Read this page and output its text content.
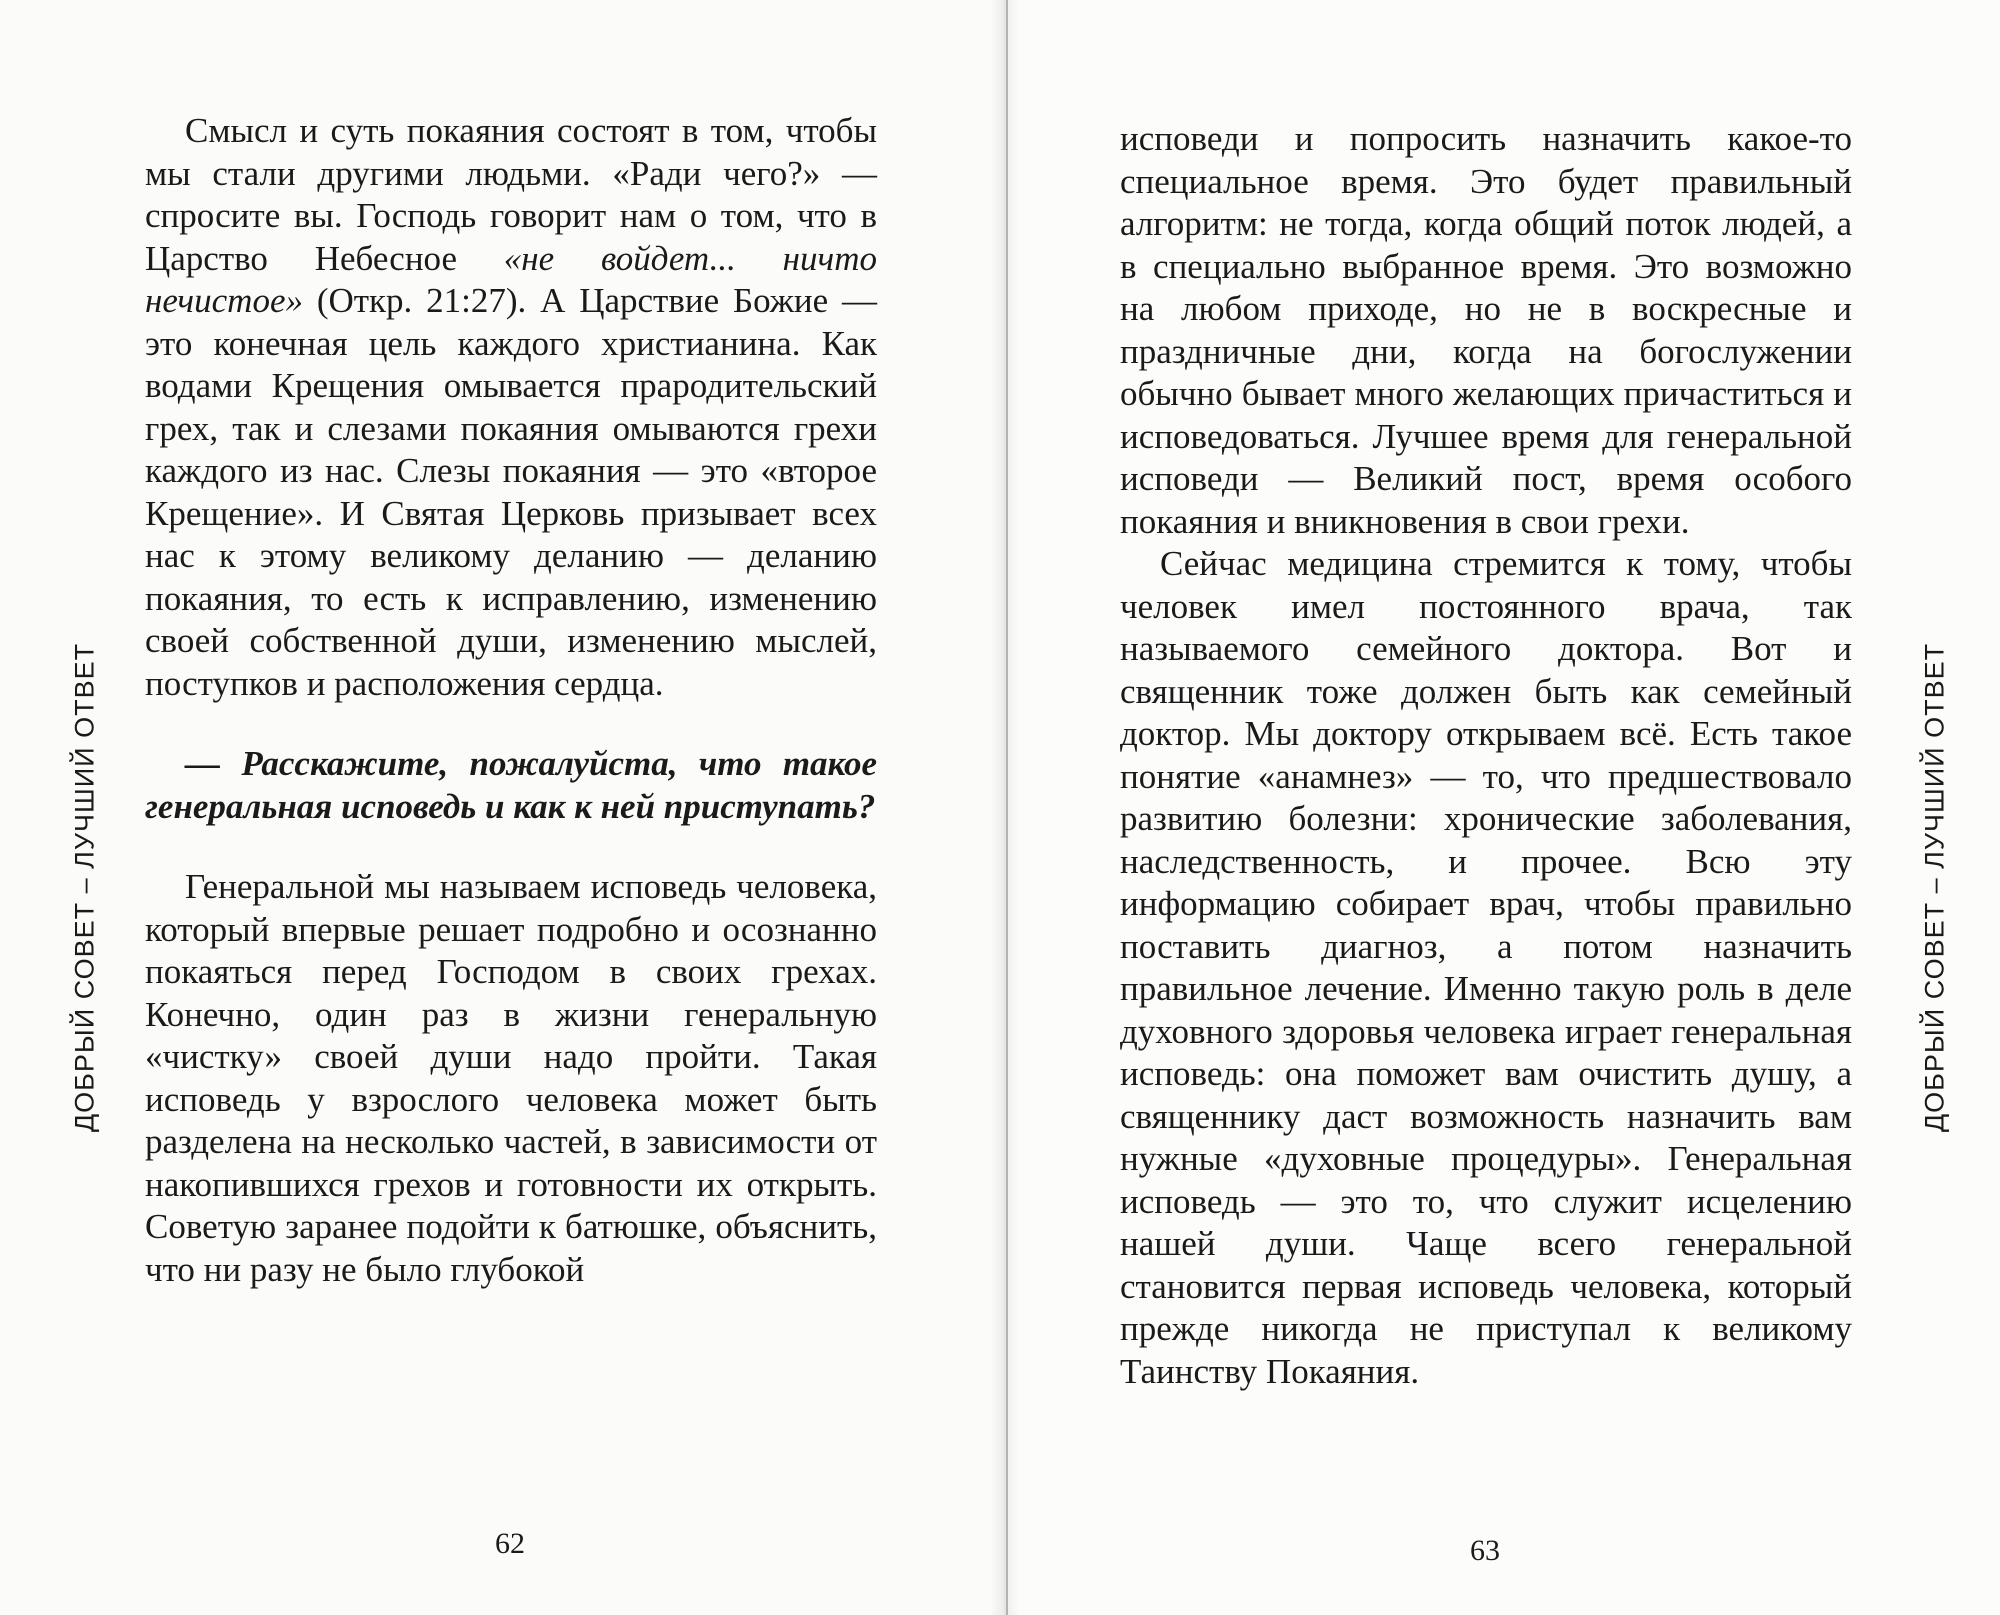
ДОБРЫЙ СОВЕТ – ЛУЧШИЙ ОТВЕТ

Смысл и суть покаяния состоят в том, чтобы мы стали другими людьми. «Ради чего?» — спросите вы. Господь говорит нам о том, что в Царство Небесное «не войдет... ничто нечистое» (Откр. 21:27). А Царствие Божие — это конечная цель каждого христианина. Как водами Крещения омывается прародительский грех, так и слезами покаяния омываются грехи каждого из нас. Слезы покаяния — это «второе Крещение». И Святая Церковь призывает всех нас к этому великому деланию — деланию покаяния, то есть к исправлению, изменению своей собственной души, изменению мыслей, поступков и расположения сердца.

— Расскажите, пожалуйста, что такое генеральная исповедь и как к ней приступать?

Генеральной мы называем исповедь человека, который впервые решает подробно и осознанно покаяться перед Господом в своих грехах. Конечно, один раз в жизни генеральную «чистку» своей души надо пройти. Такая исповедь у взрослого человека может быть разделена на несколько частей, в зависимости от накопившихся грехов и готовности их открыть. Советую заранее подойти к батюшке, объяснить, что ни разу не было глубокой

62

исповеди и попросить назначить какое-то специальное время. Это будет правильный алгоритм: не тогда, когда общий поток людей, а в специально выбранное время. Это возможно на любом приходе, но не в воскресные и праздничные дни, когда на богослужении обычно бывает много желающих причаститься и исповедоваться. Лучшее время для генеральной исповеди — Великий пост, время особого покаяния и вникновения в свои грехи.

Сейчас медицина стремится к тому, чтобы человек имел постоянного врача, так называемого семейного доктора. Вот и священник тоже должен быть как семейный доктор. Мы доктору открываем всё. Есть такое понятие «анамнез» — то, что предшествовало развитию болезни: хронические заболевания, наследственность, и прочее. Всю эту информацию собирает врач, чтобы правильно поставить диагноз, а потом назначить правильное лечение. Именно такую роль в деле духовного здоровья человека играет генеральная исповедь: она поможет вам очистить душу, а священнику даст возможность назначить вам нужные «духовные процедуры». Генеральная исповедь — это то, что служит исцелению нашей души. Чаще всего генеральной становится первая исповедь человека, который прежде никогда не приступал к великому Таинству Покаяния.

ДОБРЫЙ СОВЕТ – ЛУЧШИЙ ОТВЕТ
63
